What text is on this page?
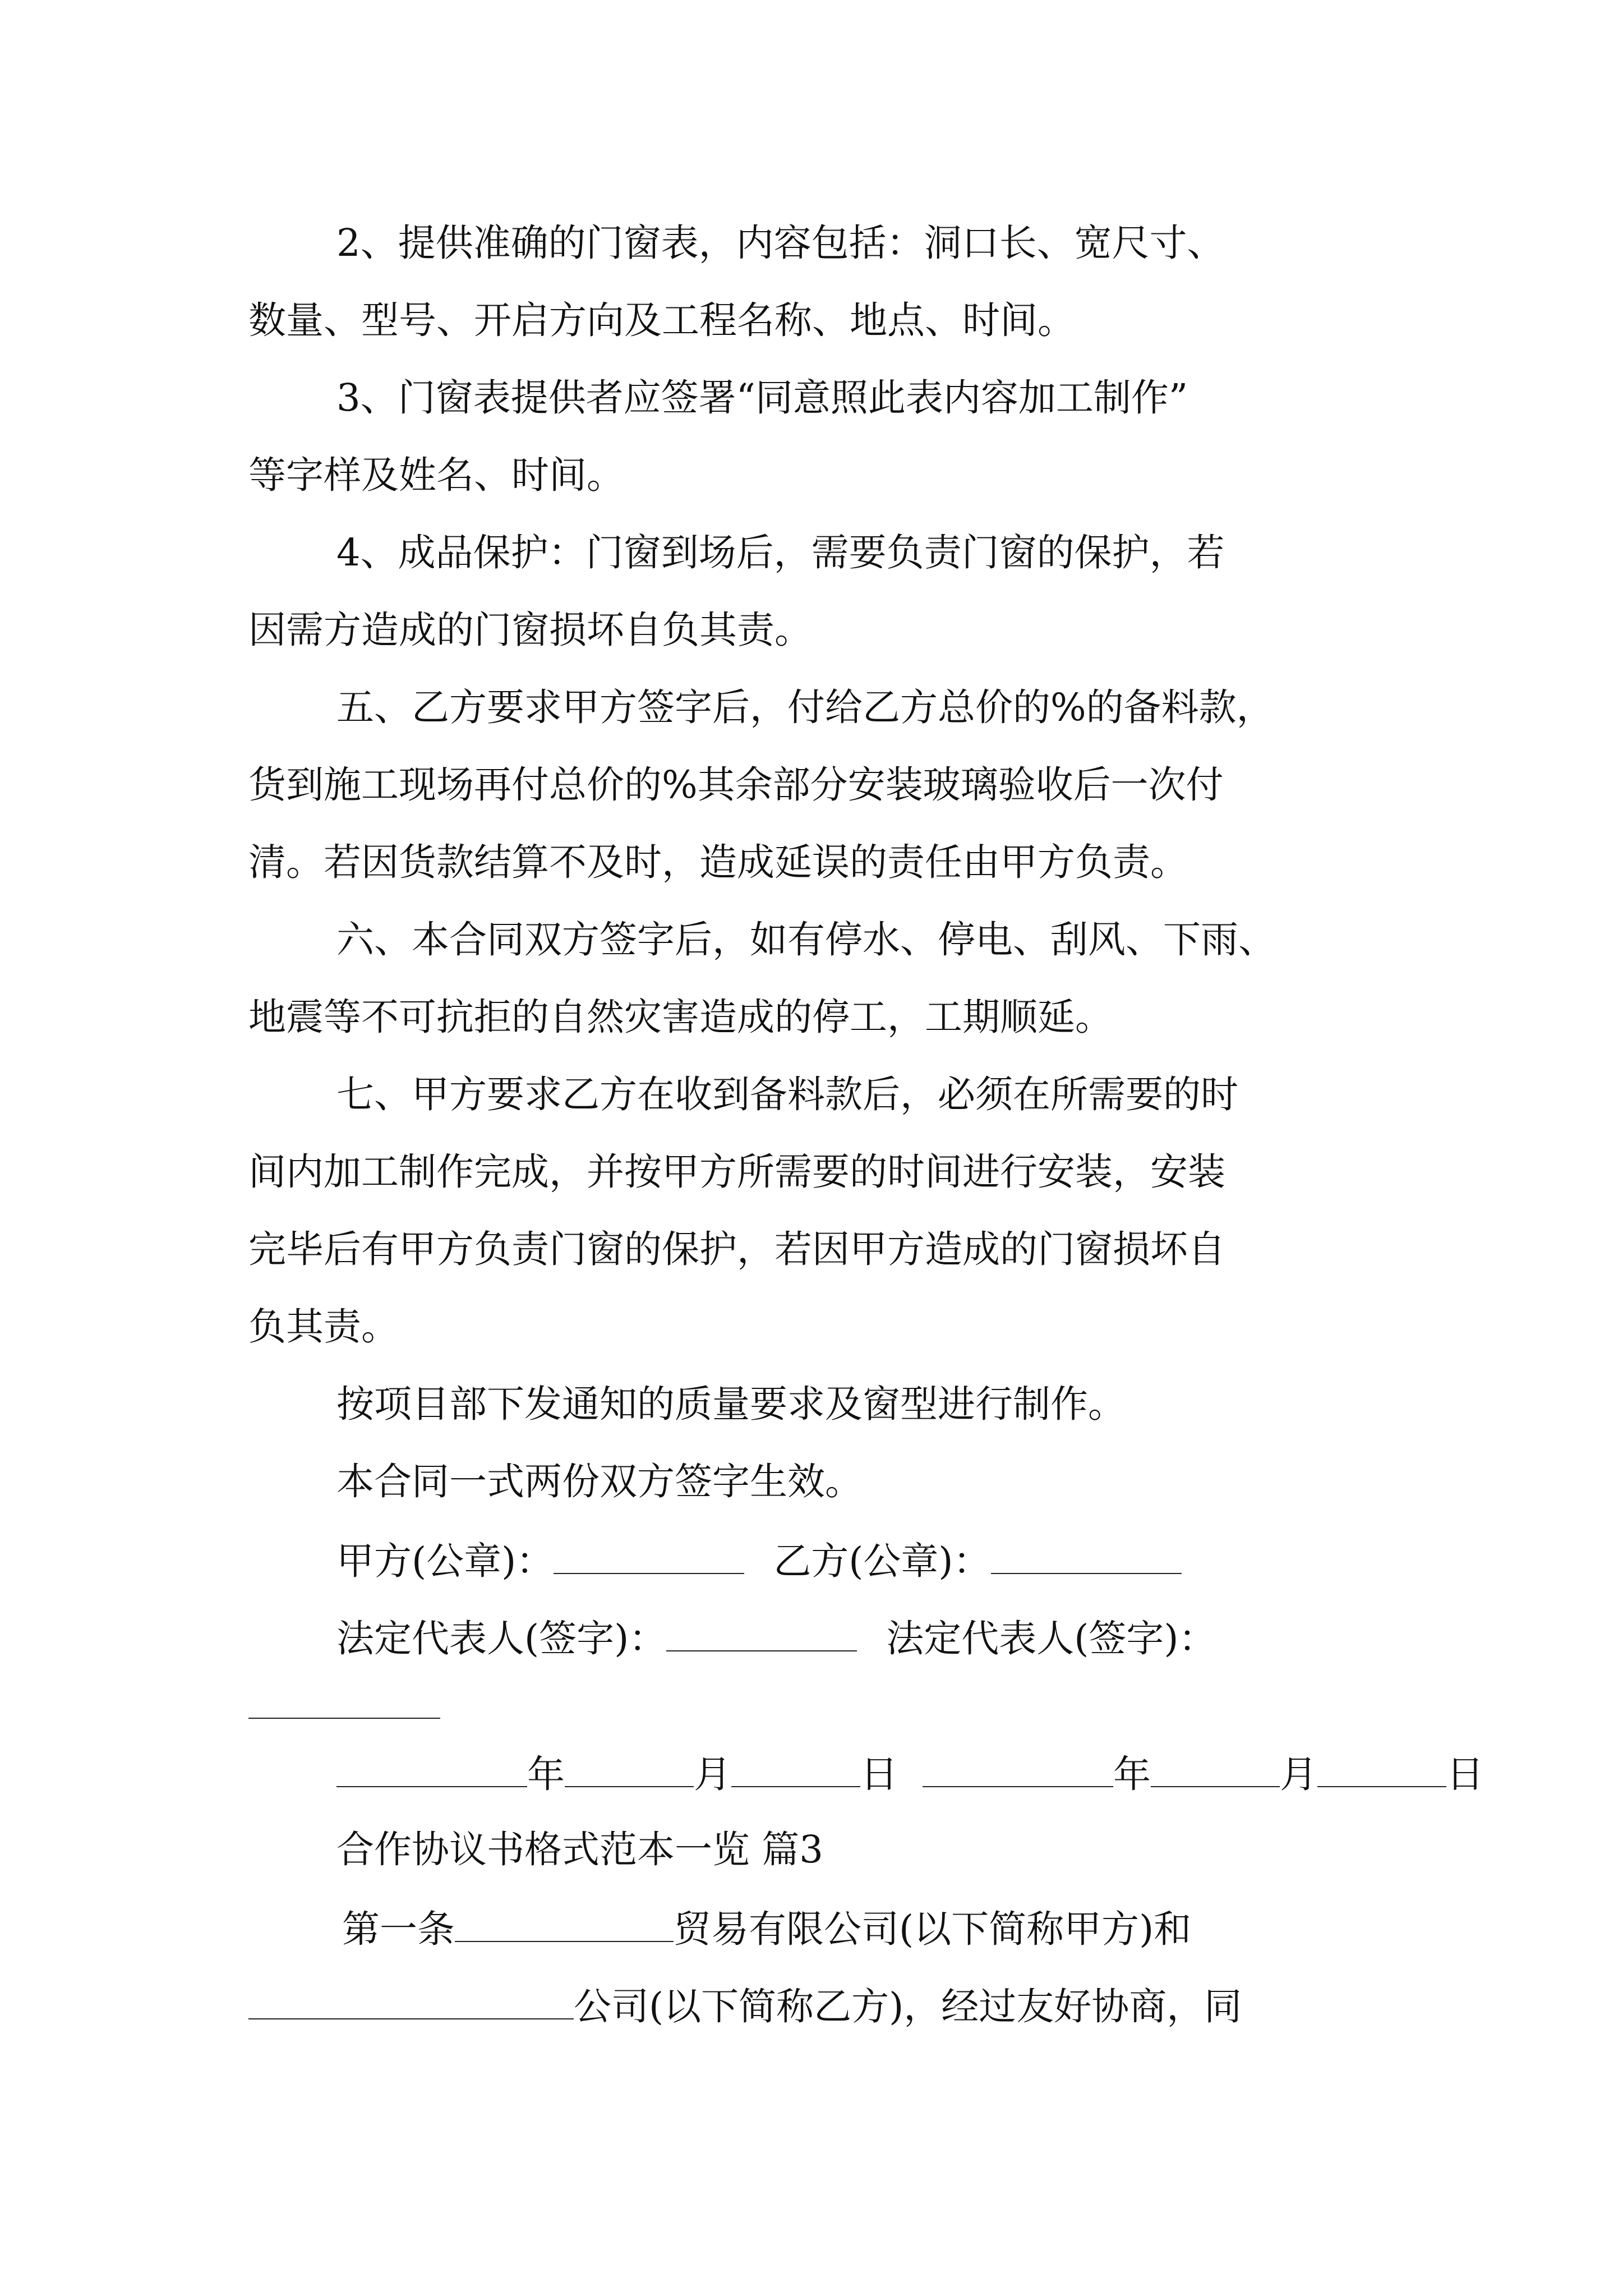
2、提供准确的门窗表，内容包括：洞口长、宽尺寸、
数量、型号、开启方向及工程名称、地点、时间。
3、门窗表提供者应签署“同意照此表内容加工制作”
等字样及姓名、时间。
4、成品保护：门窗到场后，需要负责门窗的保护，若
因需方造成的门窗损坏自负其责。
五、乙方要求甲方签字后，付给乙方总价的%的备料款，
货到施工现场再付总价的%其余部分安装玻璃验收后一次付
清。若因货款结算不及时，造成延误的责任由甲方负责。
六、本合同双方签字后，如有停水、停电、刮风、下雨、
地震等不可抗拒的自然灾害造成的停工，工期顺延。
七、甲方要求乙方在收到备料款后，必须在所需要的时
间内加工制作完成，并按甲方所需要的时间进行安装，安装
完毕后有甲方负责门窗的保护，若因甲方造成的门窗损坏自
负其责。
按项目部下发通知的质量要求及窗型进行制作。
本合同一式两份双方签字生效。
甲方(公章)：	乙方(公章)：
法定代表人(签字)：	法定代表人(签字)：
年	月	日	年	月	日
合作协议书格式范本一览 篇3
第一条	贸易有限公司(以下简称甲方)和
公司(以下简称乙方)，经过友好协商，同
